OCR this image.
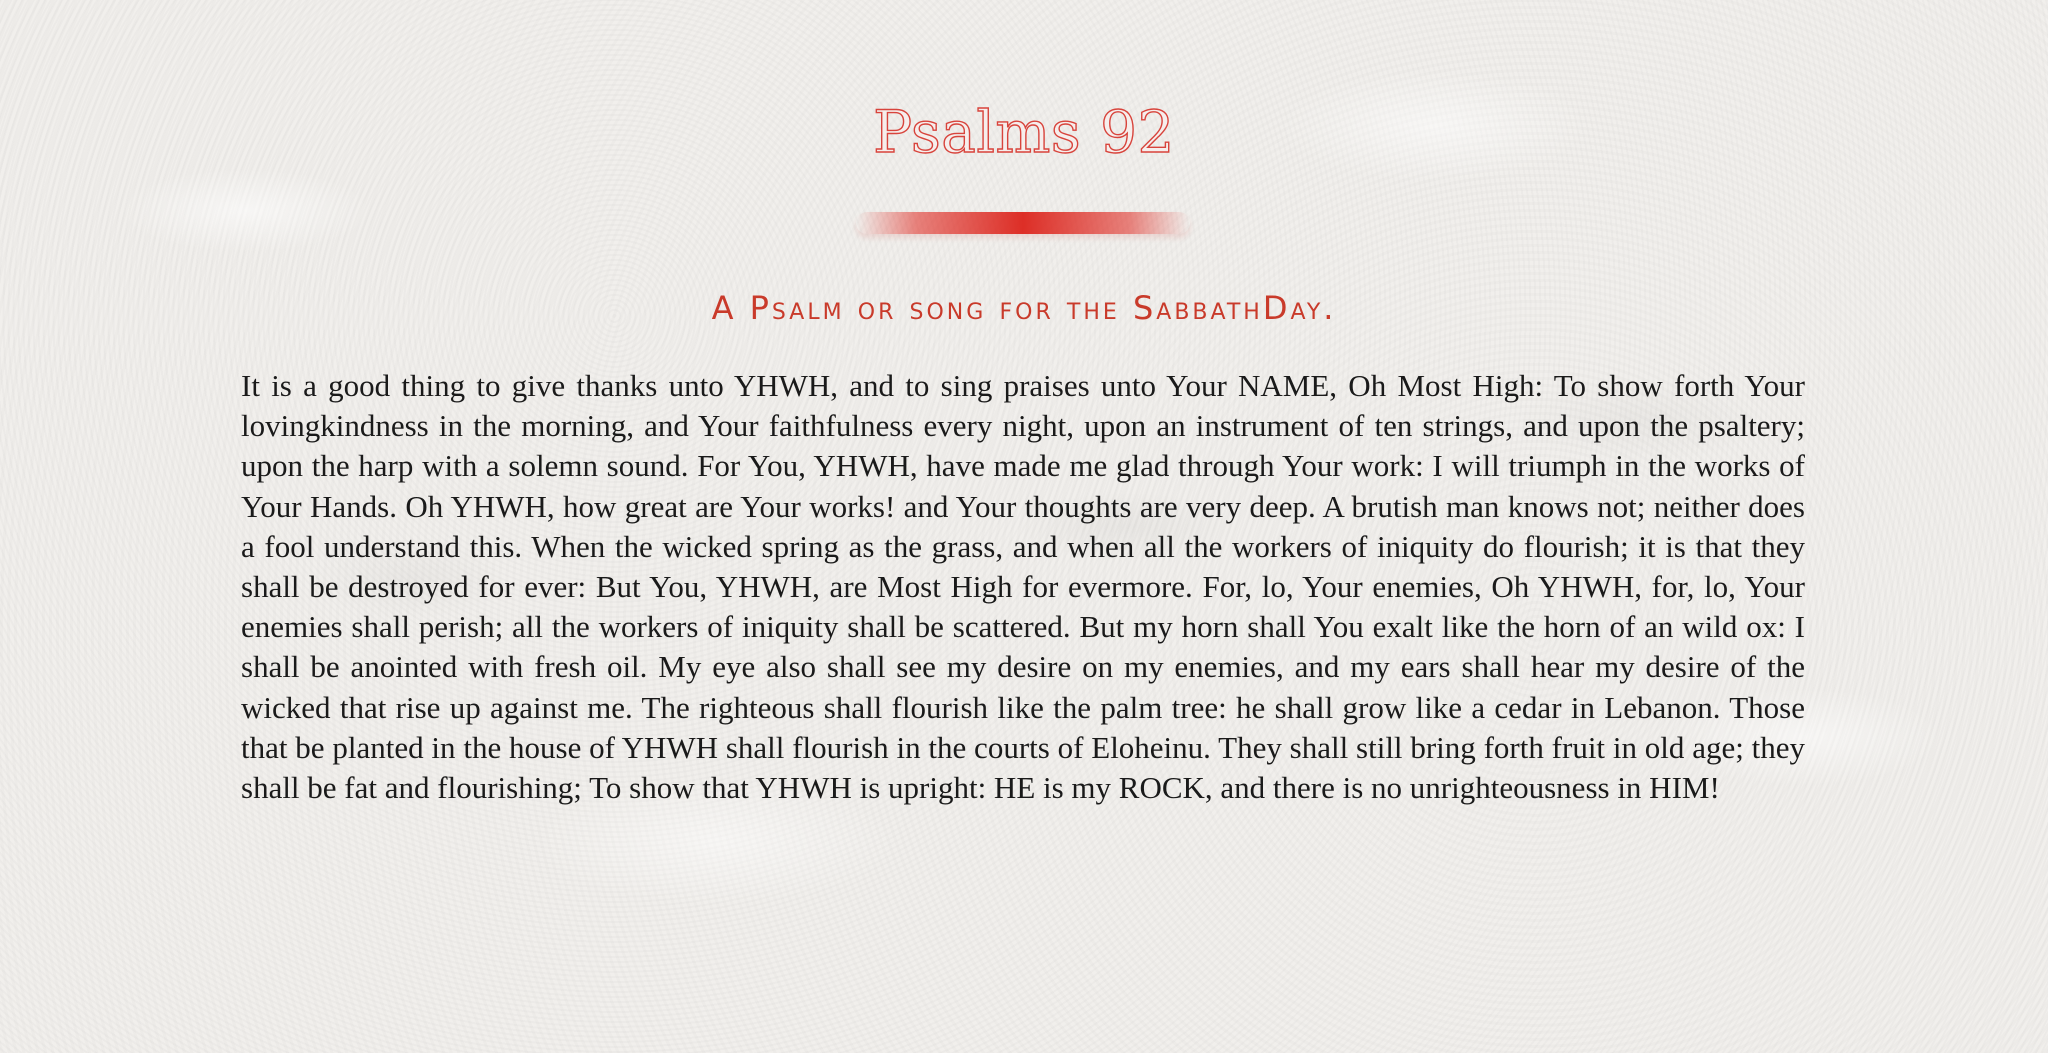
Psalms 92
A Psalm or song for the SabbathDay.

It is a good thing to give thanks unto YHWH, and to sing praises unto Your NAME, Oh Most High: To show forth Your lovingkindness in the morning, and Your faithfulness every night, upon an instrument of ten strings, and upon the psaltery; upon the harp with a solemn sound. For You, YHWH, have made me glad through Your work: I will triumph in the works of Your Hands. Oh YHWH, how great are Your works! and Your thoughts are very deep. A brutish man knows not; neither does a fool understand this. When the wicked spring as the grass, and when all the workers of iniquity do flourish; it is that they shall be destroyed for ever: But You, YHWH, are Most High for evermore. For, lo, Your enemies, Oh YHWH, for, lo, Your enemies shall perish; all the workers of iniquity shall be scattered. But my horn shall You exalt like the horn of an wild ox: I shall be anointed with fresh oil. My eye also shall see my desire on my enemies, and my ears shall hear my desire of the wicked that rise up against me. The righteous shall flourish like the palm tree: he shall grow like a cedar in Lebanon. Those that be planted in the house of YHWH shall flourish in the courts of Eloheinu. They shall still bring forth fruit in old age; they shall be fat and flourishing; To show that YHWH is upright: HE is my ROCK, and there is no unrighteousness in HIM!
